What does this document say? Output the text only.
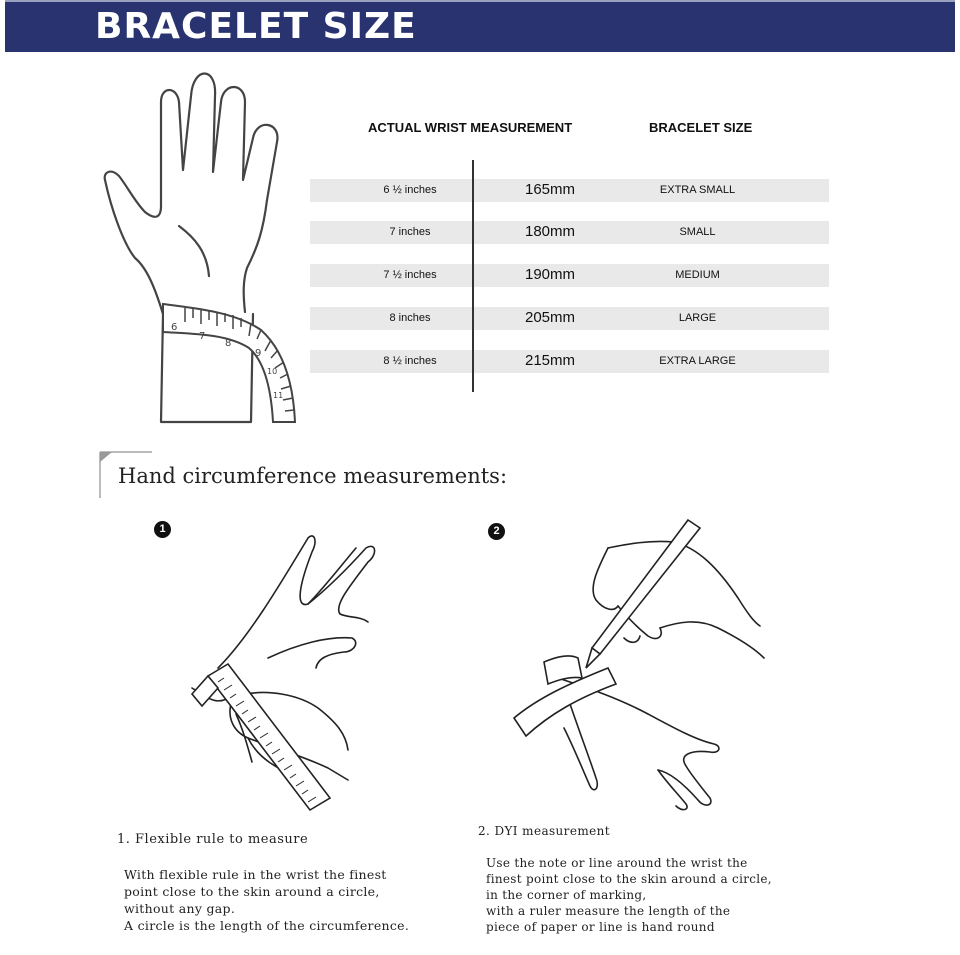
BRACELET SIZE
6
7
8
9
10
11
ACTUAL WRIST MEASUREMENT	BRACELET SIZE
6 ½ inches	165mm	EXTRA SMALL
7 inches	180mm	SMALL
7 ½ inches	190mm	MEDIUM
8 inches	205mm	LARGE
8 ½ inches	215mm	EXTRA LARGE
Hand circumference measurements:
1	2
1. Flexible rule to measure
With flexible rule in the wrist the finest
point close to the skin around a circle,
without any gap.
A circle is the length of the circumference.
2. DYI measurement
Use the note or line around the wrist the
finest point close to the skin around a circle,
in the corner of marking,
with a ruler measure the length of the
piece of paper or line is hand round
